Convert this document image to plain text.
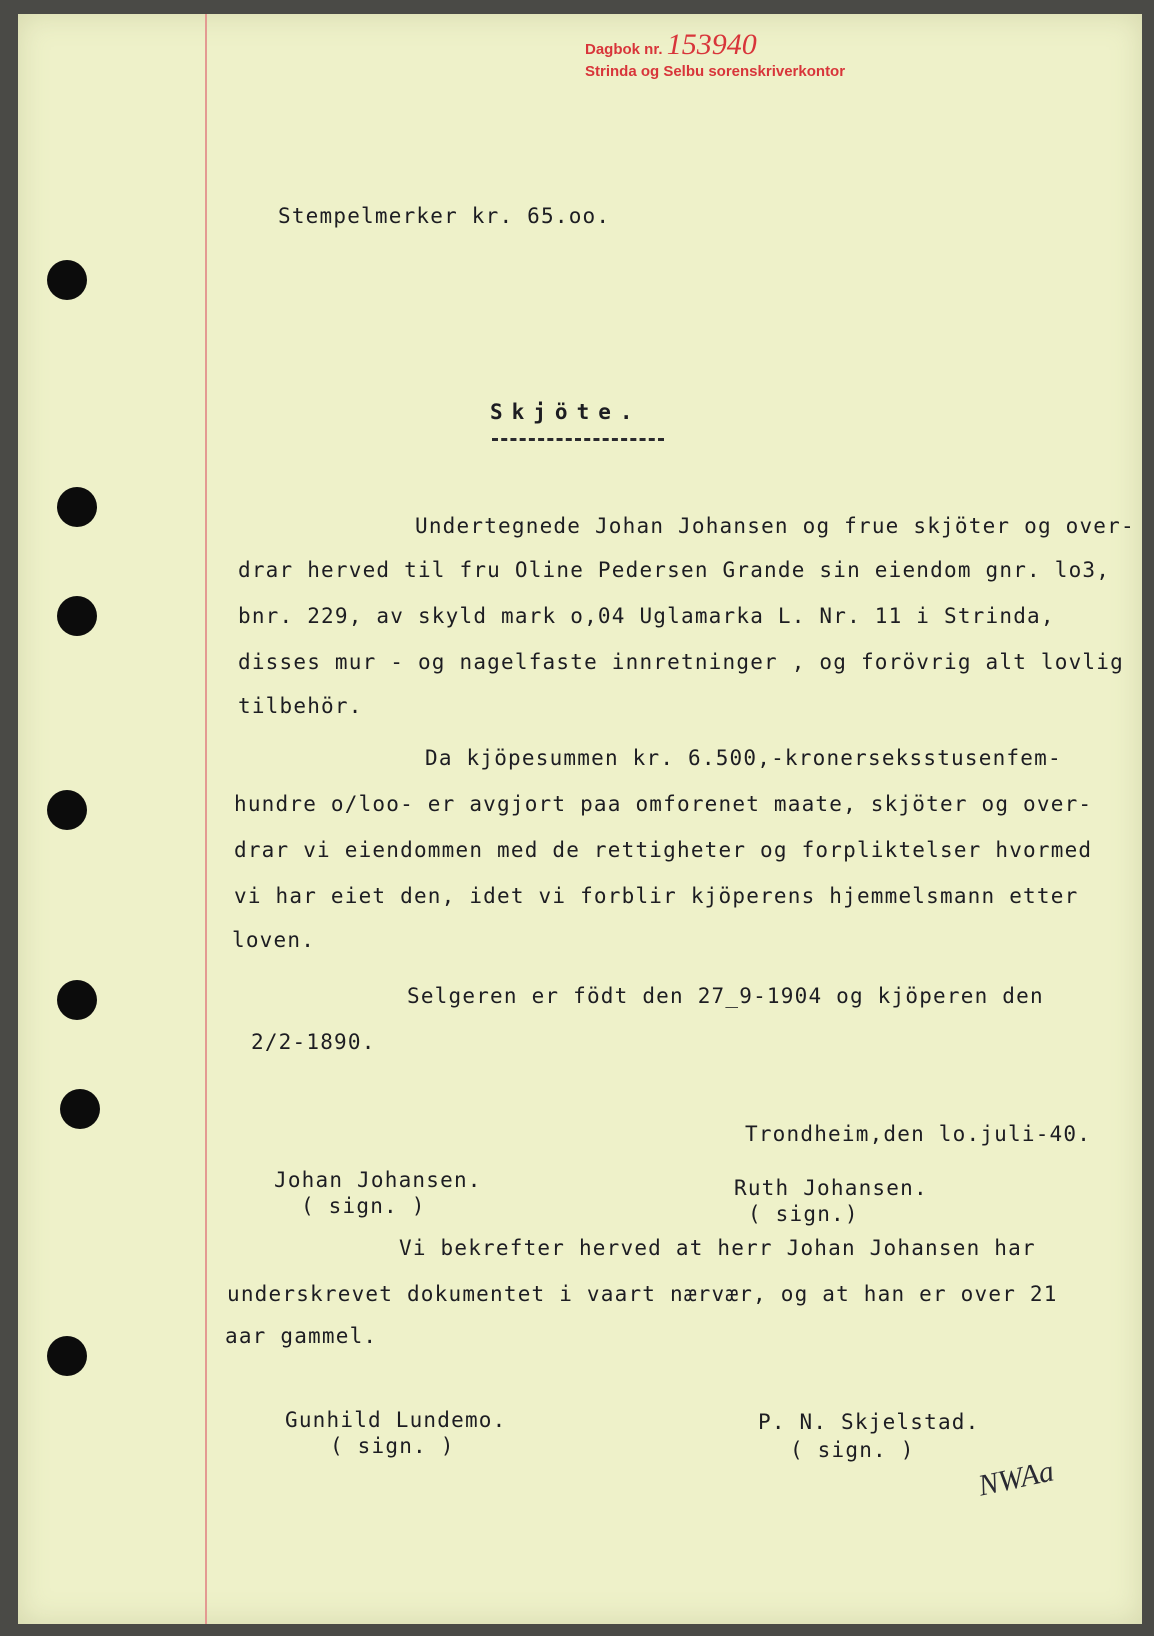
Dagbok nr. 153940
Strinda og Selbu sorenskriverkontor
Stempelmerker kr. 65.oo.
Skjöte.
Undertegnede Johan Johansen og frue skjöter og over-
drar herved til fru Oline Pedersen Grande sin eiendom gnr. lo3,
bnr. 229, av skyld mark o,04 Uglamarka L. Nr. 11 i Strinda,
disses mur - og nagelfaste innretninger , og forövrig alt lovlig
tilbehör.
Da kjöpesummen kr. 6.500,-kronerseksstusenfem-
hundre o/loo- er avgjort paa omforenet maate, skjöter og over-
drar vi eiendommen med de rettigheter og forpliktelser hvormed
vi har eiet den, idet vi forblir kjöperens hjemmelsmann etter
loven.
Selgeren er födt den 27_9-1904 og kjöperen den
2/2-1890.
Trondheim,den lo.juli-40.
Johan Johansen.
( sign. )
Ruth Johansen.
( sign.)
Vi bekrefter herved at herr Johan Johansen har
underskrevet dokumentet i vaart nærvær, og at han er over 21
aar gammel.
Gunhild Lundemo.
( sign. )
P. N. Skjelstad.
( sign. )
NWAa
